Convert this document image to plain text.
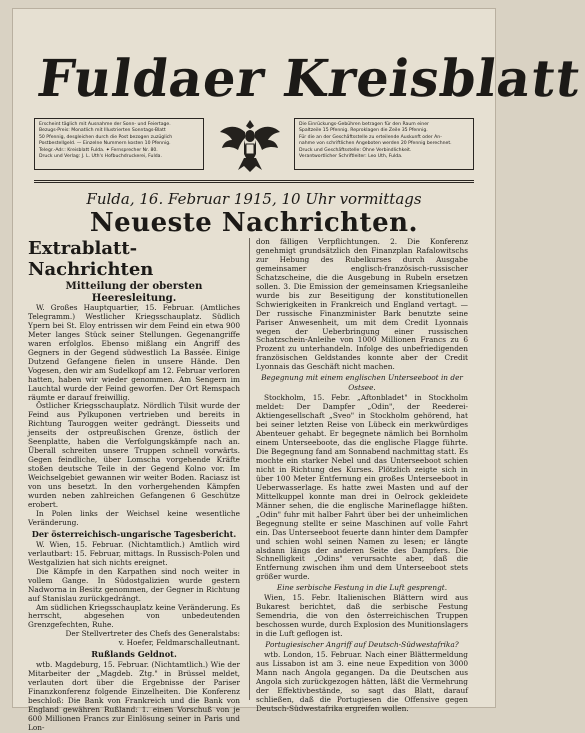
Fuldaer Kreisblatt

Erscheint täglich mit Ausnahme der Sonn- und Feiertage.

Bezugs-Preis: Monatlich mit Illustrierten Sonntags-Blatt

50 Pfennig, desgleichen durch die Post bezogen zuzüglich

Postbestellgeld. — Einzelne Nummern kosten 10 Pfennig.

Telegr.-Adr.: Kreisblatt Fulda. ✦ Fernsprecher Nr. 80.

Druck und Verlag: J. L. Uth's Hofbuchdruckerei, Fulda.

Die Einrückungs-Gebühren betragen für den Raum einer

Spaltzeile 15 Pfennig. Reproklagen die Zeile 35 Pfennig.

Für die an der Geschäftsstelle zu erteilende Auskunft oder An-

nahme von schriftlichen Angeboten werden 20 Pfennig berechnet.

Druck und Geschäftsstelle: Ohne Verbindlichkeit.

Verantwortlicher Schriftleiter: Leo Uth, Fulda.

Fulda, 16. Februar 1915, 10 Uhr vormittags
Neueste Nachrichten.

Extrablatt-Nachrichten

Mitteilung der obersten Heeresleitung.

W. Großes Hauptquartier, 15. Februar. (Amtliches Telegramm.) Westlicher Kriegsschauplatz. Südlich Ypern bei St. Eloy entrissen wir dem Feind ein etwa 900 Meter langes Stück seiner Stellungen. Gegenangriffe waren erfolglos. Ebenso mißlang ein Angriff des Gegners in der Gegend südwestlich La Bassée. Einige Dutzend Gefangene fielen in unsere Hände. Den Vogesen, den wir am Sudelkopf am 12. Februar verloren hatten, haben wir wieder genommen. Am Sengern im Lauchtal wurde der Feind geworfen. Der Ort Remspach räumte er darauf freiwillig.

Östlicher Kriegsschauplatz. Nördlich Tilsit wurde der Feind aus Pylkuponen vertrieben und bereits in Richtung Tauroggen weiter gedrängt. Diesseits und jenseits der ostpreußischen Grenze, östlich der Seenplatte, haben die Verfolgungskämpfe nach an. Überall schreiten unsere Truppen schnell vorwärts. Gegen feindliche, über Lomscha vorgehende Kräfte stoßen deutsche Teile in der Gegend Kolno vor. Im Weichselgebiet gewannen wir weiter Boden. Raciasz ist von uns besetzt. In den vorhergehenden Kämpfen wurden neben zahlreichen Gefangenen 6 Geschütze erobert.

In Polen links der Weichsel keine wesentliche Veränderung.

Der österreichisch-ungarische Tagesbericht.

W. Wien, 15. Februar. (Nichtamtlich.) Amtlich wird verlautbart: 15. Februar, mittags. In Russisch-Polen und Westgalizien hat sich nichts ereignet.

Die Kämpfe in den Karpathen sind noch weiter in vollem Gange. In Südostgalizien wurde gestern Nadworna in Besitz genommen, der Gegner in Richtung auf Stanislau zurückgedrängt.

Am südlichen Kriegsschauplatz keine Veränderung. Es herrscht, abgesehen von unbedeutenden Grenzgefechten, Ruhe.

Der Stellvertreter des Chefs des Generalstabs:

v. Hoefer, Feldmarschalleutnant.

Rußlands Geldnot.

wtb. Magdeburg, 15. Februar. (Nichtamtlich.) Wie der Mitarbeiter der „Magdeb. Ztg." in Brüssel meldet, verlauten dort über die Ergebnisse der Pariser Finanzkonferenz folgende Einzelheiten. Die Konferenz beschloß: Die Bank von Frankreich und die Bank von England gewähren Rußland: 1. einen Vorschuß von je 600 Millionen Francs zur Einlösung seiner in Paris und Lon-

don fälligen Verpflichtungen. 2. Die Konferenz genehmigt grundsätzlich den Finanzplan Rafalowitschs zur Hebung des Rubelkurses durch Ausgabe gemeinsamer englisch-französisch-russischer Schatzscheine, die die Ausgebung in Rubeln ersetzen sollen. 3. Die Emission der gemeinsamen Kriegsanleihe wurde bis zur Beseitigung der konstitutionellen Schwierigkeiten in Frankreich und England vertagt. — Der russische Finanzminister Bark benutzte seine Pariser Anwesenheit, um mit dem Credit Lyonnais wegen der Ueberbringung einer russischen Schatzschein-Anleihe von 1000 Millionen Francs zu 6 Prozent zu unterhandeln. Infolge des unbefriedigenden französischen Geldstandes konnte aber der Credit Lyonnais das Geschäft nicht machen.

Begegnung mit einem englischen Unterseeboot in der Ostsee.

Stockholm, 15. Febr. „Aftonbladet" in Stockholm meldet: Der Dampfer „Odin", der Reederei-Aktiengesellschaft „Sveo" in Stockholm gehörend, hat bei seiner letzten Reise von Lübeck ein merkwürdiges Abenteuer gehabt. Er begegnete nämlich bei Bornholm einem Unterseeboote, das die englische Flagge führte. Die Begegnung fand am Sonnabend nachmittag statt. Es mochte ein starker Nebel und das Unterseeboot schien nicht in Richtung des Kurses. Plötzlich zeigte sich in über 100 Meter Entfernung ein großes Unterseeboot in Ueberwasserlage. Es hatte zwei Masten und auf der Mittelkuppel konnte man drei in Oelrock gekleidete Männer sehen, die die englische Marineflagge hißten. „Odin" fuhr mit halber Fahrt über bei der unheimlichen Begegnung stellte er seine Maschinen auf volle Fahrt ein. Das Unterseeboot feuerte dann hinter dem Dampfer und schien wohl seinen Namen zu lesen; er längte alsdann längs der anderen Seite des Dampfers. Die Schnelligkeit „Odins" verursachte aber, daß die Entfernung zwischen ihm und dem Unterseeboot stets größer wurde.

Eine serbische Festung in die Luft gesprengt.

Wien, 15. Febr. Italienischen Blättern wird aus Bukarest berichtet, daß die serbische Festung Semendria, die von den österreichischen Truppen beschossen wurde, durch Explosion des Munitionslagers in die Luft geflogen ist.

Portugiesischer Angriff auf Deutsch-Südwestafrika?

wtb. London, 15. Februar. Nach einer Blättermeldung aus Lissabon ist am 3. eine neue Expedition von 3000 Mann nach Angola gegangen. Da die Deutschen aus Angola sich zurückgezogen hätten, läßt die Vermehrung der Effektivbestände, so sagt das Blatt, darauf schließen, daß die Portugiesen die Offensive gegen Deutsch-Südwestafrika ergreifen wollen.
